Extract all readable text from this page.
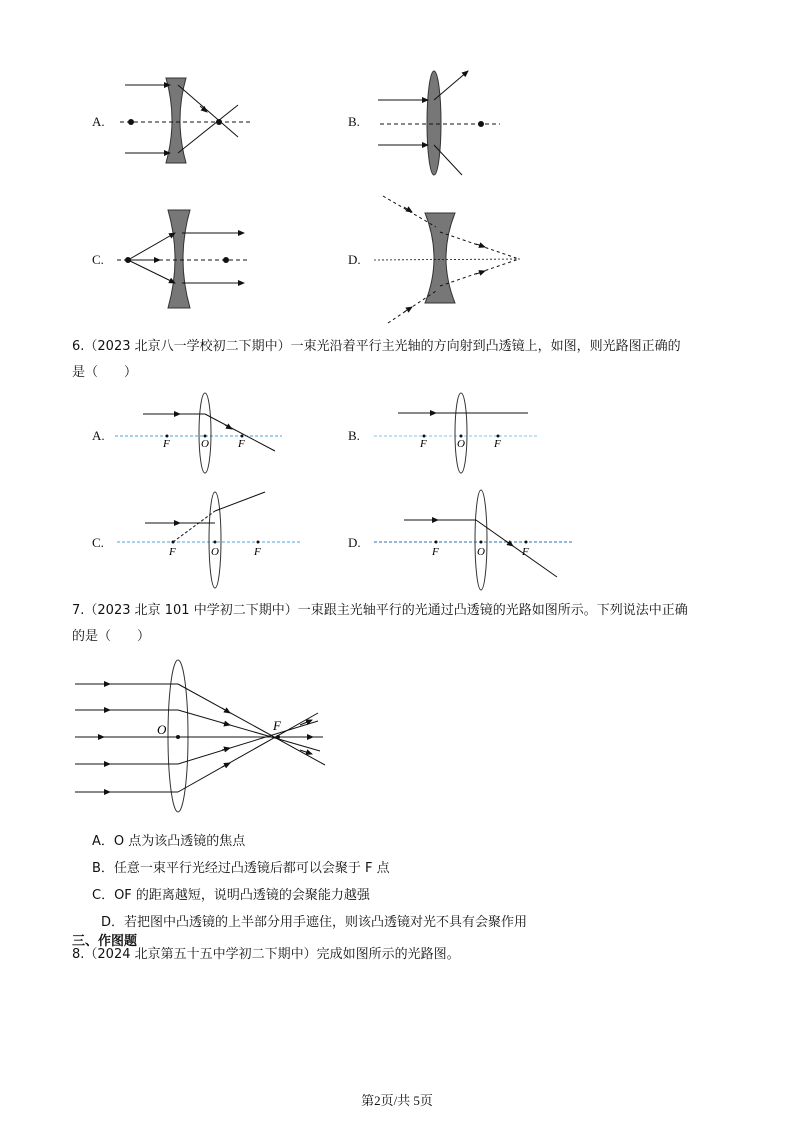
A.	B.
C.	D.
6.（2023 北京八一学校初二下期中）一束光沿着平行主光轴的方向射到凸透镜上，如图，则光路图正确的
是（　　）
A.	B.
C.	D.
F	O	F	F	O	F
F	O	F	F	O	F
7.（2023 北京 101 中学初二下期中）一束跟主光轴平行的光通过凸透镜的光路如图所示。下列说法中正确
的是（　　）
O	F
A．O 点为该凸透镜的焦点
B．任意一束平行光经过凸透镜后都可以会聚于 F 点
C．OF 的距离越短，说明凸透镜的会聚能力越强
D．若把图中凸透镜的上半部分用手遮住，则该凸透镜对光不具有会聚作用
三、作图题
8.（2024 北京第五十五中学初二下期中）完成如图所示的光路图。
第2页/共 5页
